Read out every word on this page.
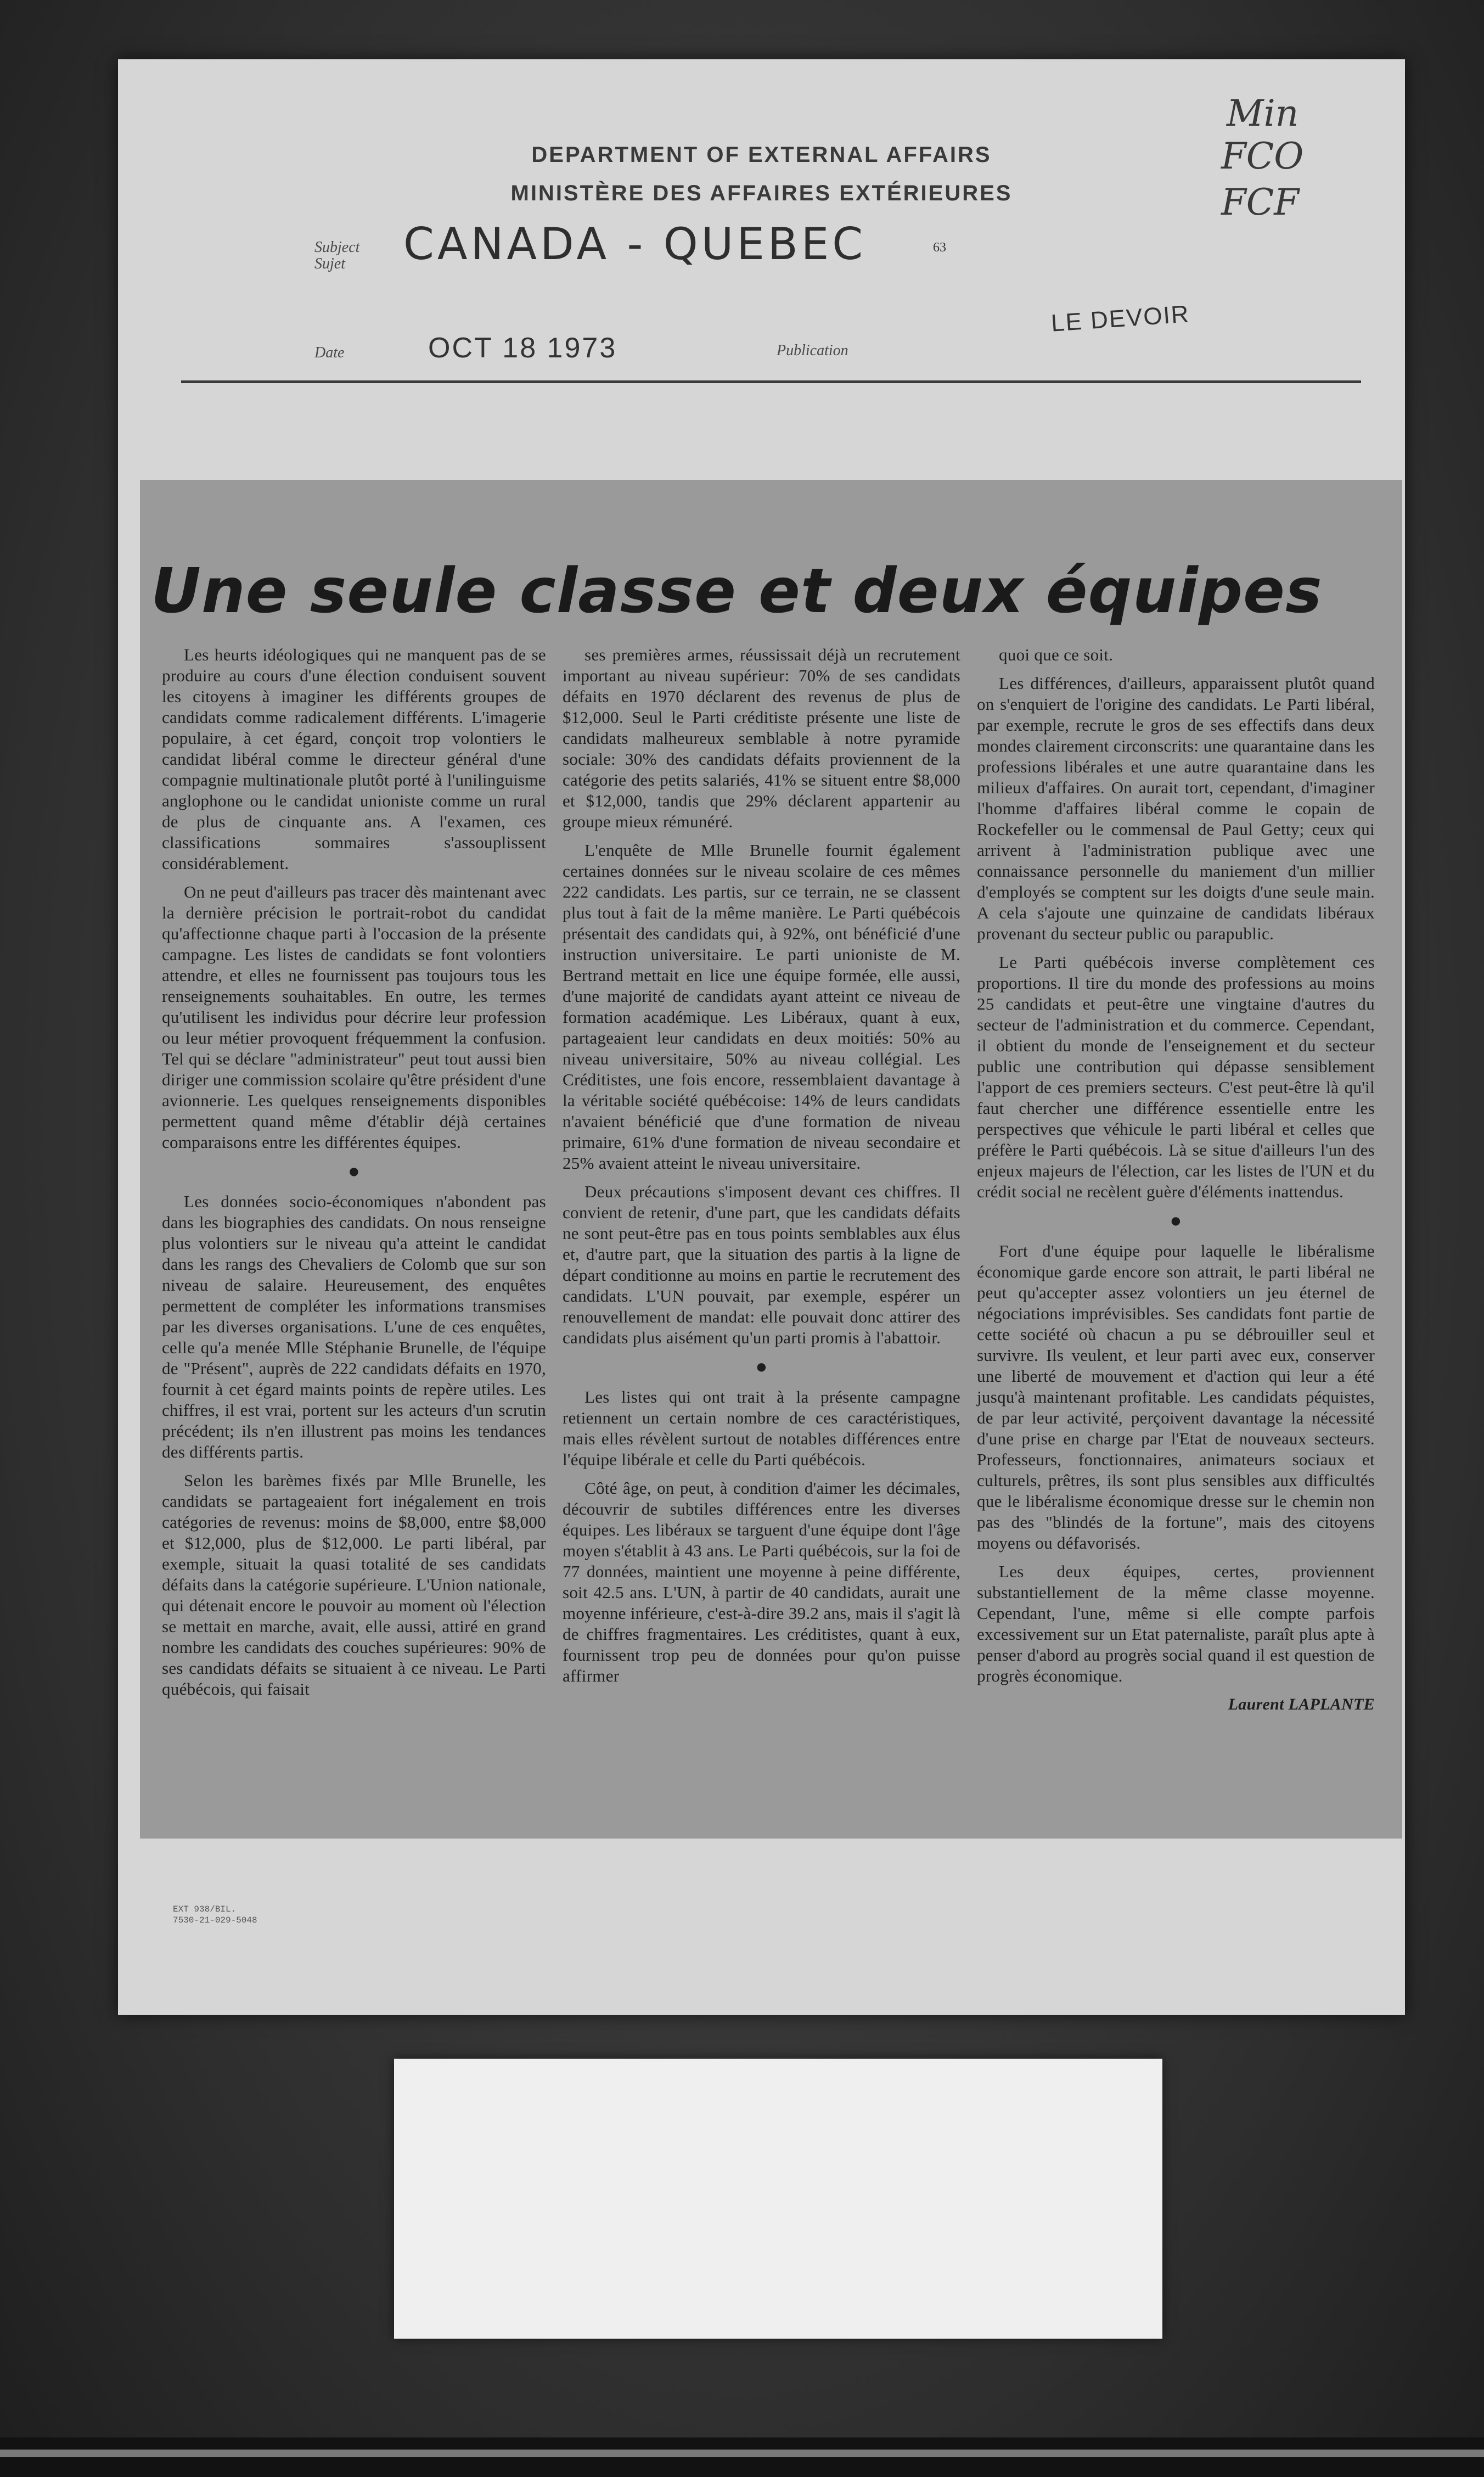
DEPARTMENT OF EXTERNAL AFFAIRS
MINISTÈRE DES AFFAIRES EXTÉRIEURES
Min
FCO
FCF
Subject
Sujet	CANADA - QUEBEC	63
Date	OCT 18 1973	Publication
LE DEVOIR
Une seule classe et deux équipes

Les heurts idéologiques qui ne manquent pas de se produire au cours d'une élection conduisent souvent les citoyens à imaginer les différents groupes de candidats comme radicalement différents. L'imagerie populaire, à cet égard, conçoit trop volontiers le candidat libéral comme le directeur général d'une compagnie multinationale plutôt porté à l'unilinguisme anglophone ou le candidat unioniste comme un rural de plus de cinquante ans. A l'examen, ces classifications sommaires s'assouplissent considérablement.

On ne peut d'ailleurs pas tracer dès maintenant avec la dernière précision le portrait-robot du candidat qu'affectionne chaque parti à l'occasion de la présente campagne. Les listes de candidats se font volontiers attendre, et elles ne fournissent pas toujours tous les renseignements souhaitables. En outre, les termes qu'utilisent les individus pour décrire leur profession ou leur métier provoquent fréquemment la confusion. Tel qui se déclare "administrateur" peut tout aussi bien diriger une commission scolaire qu'être président d'une avionnerie. Les quelques renseignements disponibles permettent quand même d'établir déjà certaines comparaisons entre les différentes équipes.

●

Les données socio-économiques n'abondent pas dans les biographies des candidats. On nous renseigne plus volontiers sur le niveau qu'a atteint le candidat dans les rangs des Chevaliers de Colomb que sur son niveau de salaire. Heureusement, des enquêtes permettent de compléter les informations transmises par les diverses organisations. L'une de ces enquêtes, celle qu'a menée Mlle Stéphanie Brunelle, de l'équipe de "Présent", auprès de 222 candidats défaits en 1970, fournit à cet égard maints points de repère utiles. Les chiffres, il est vrai, portent sur les acteurs d'un scrutin précédent; ils n'en illustrent pas moins les tendances des différents partis.

Selon les barèmes fixés par Mlle Brunelle, les candidats se partageaient fort inégalement en trois catégories de revenus: moins de $8,000, entre $8,000 et $12,000, plus de $12,000. Le parti libéral, par exemple, situait la quasi totalité de ses candidats défaits dans la catégorie supérieure. L'Union nationale, qui détenait encore le pouvoir au moment où l'élection se mettait en marche, avait, elle aussi, attiré en grand nombre les candidats des couches supérieures: 90% de ses candidats défaits se situaient à ce niveau. Le Parti québécois, qui faisait

ses premières armes, réussissait déjà un recrutement important au niveau supérieur: 70% de ses candidats défaits en 1970 déclarent des revenus de plus de $12,000. Seul le Parti créditiste présente une liste de candidats malheureux semblable à notre pyramide sociale: 30% des candidats défaits proviennent de la catégorie des petits salariés, 41% se situent entre $8,000 et $12,000, tandis que 29% déclarent appartenir au groupe mieux rémunéré.

L'enquête de Mlle Brunelle fournit également certaines données sur le niveau scolaire de ces mêmes 222 candidats. Les partis, sur ce terrain, ne se classent plus tout à fait de la même manière. Le Parti québécois présentait des candidats qui, à 92%, ont bénéficié d'une instruction universitaire. Le parti unioniste de M. Bertrand mettait en lice une équipe formée, elle aussi, d'une majorité de candidats ayant atteint ce niveau de formation académique. Les Libéraux, quant à eux, partageaient leur candidats en deux moitiés: 50% au niveau universitaire, 50% au niveau collégial. Les Créditistes, une fois encore, ressemblaient davantage à la véritable société québécoise: 14% de leurs candidats n'avaient bénéficié que d'une formation de niveau primaire, 61% d'une formation de niveau secondaire et 25% avaient atteint le niveau universitaire.

Deux précautions s'imposent devant ces chiffres. Il convient de retenir, d'une part, que les candidats défaits ne sont peut-être pas en tous points semblables aux élus et, d'autre part, que la situation des partis à la ligne de départ conditionne au moins en partie le recrutement des candidats. L'UN pouvait, par exemple, espérer un renouvellement de mandat: elle pouvait donc attirer des candidats plus aisément qu'un parti promis à l'abattoir.

●

Les listes qui ont trait à la présente campagne retiennent un certain nombre de ces caractéristiques, mais elles révèlent surtout de notables différences entre l'équipe libérale et celle du Parti québécois.

Côté âge, on peut, à condition d'aimer les décimales, découvrir de subtiles différences entre les diverses équipes. Les libéraux se targuent d'une équipe dont l'âge moyen s'établit à 43 ans. Le Parti québécois, sur la foi de 77 données, maintient une moyenne à peine différente, soit 42.5 ans. L'UN, à partir de 40 candidats, aurait une moyenne inférieure, c'est-à-dire 39.2 ans, mais il s'agit là de chiffres fragmentaires. Les créditistes, quant à eux, fournissent trop peu de données pour qu'on puisse affirmer

quoi que ce soit.

Les différences, d'ailleurs, apparaissent plutôt quand on s'enquiert de l'origine des candidats. Le Parti libéral, par exemple, recrute le gros de ses effectifs dans deux mondes clairement circonscrits: une quarantaine dans les professions libérales et une autre quarantaine dans les milieux d'affaires. On aurait tort, cependant, d'imaginer l'homme d'affaires libéral comme le copain de Rockefeller ou le commensal de Paul Getty; ceux qui arrivent à l'administration publique avec une connaissance personnelle du maniement d'un millier d'employés se comptent sur les doigts d'une seule main. A cela s'ajoute une quinzaine de candidats libéraux provenant du secteur public ou parapublic.

Le Parti québécois inverse complètement ces proportions. Il tire du monde des professions au moins 25 candidats et peut-être une vingtaine d'autres du secteur de l'administration et du commerce. Cependant, il obtient du monde de l'enseignement et du secteur public une contribution qui dépasse sensiblement l'apport de ces premiers secteurs. C'est peut-être là qu'il faut chercher une différence essentielle entre les perspectives que véhicule le parti libéral et celles que préfère le Parti québécois. Là se situe d'ailleurs l'un des enjeux majeurs de l'élection, car les listes de l'UN et du crédit social ne recèlent guère d'éléments inattendus.

●

Fort d'une équipe pour laquelle le libéralisme économique garde encore son attrait, le parti libéral ne peut qu'accepter assez volontiers un jeu éternel de négociations imprévisibles. Ses candidats font partie de cette société où chacun a pu se débrouiller seul et survivre. Ils veulent, et leur parti avec eux, conserver une liberté de mouvement et d'action qui leur a été jusqu'à maintenant profitable. Les candidats péquistes, de par leur activité, perçoivent davantage la nécessité d'une prise en charge par l'Etat de nouveaux secteurs. Professeurs, fonctionnaires, animateurs sociaux et culturels, prêtres, ils sont plus sensibles aux difficultés que le libéralisme économique dresse sur le chemin non pas des "blindés de la fortune", mais des citoyens moyens ou défavorisés.

Les deux équipes, certes, proviennent substantiellement de la même classe moyenne. Cependant, l'une, même si elle compte parfois excessivement sur un Etat paternaliste, paraît plus apte à penser d'abord au progrès social quand il est question de progrès économique.

Laurent LAPLANTE
EXT 938/BIL.
7530-21-029-5048
